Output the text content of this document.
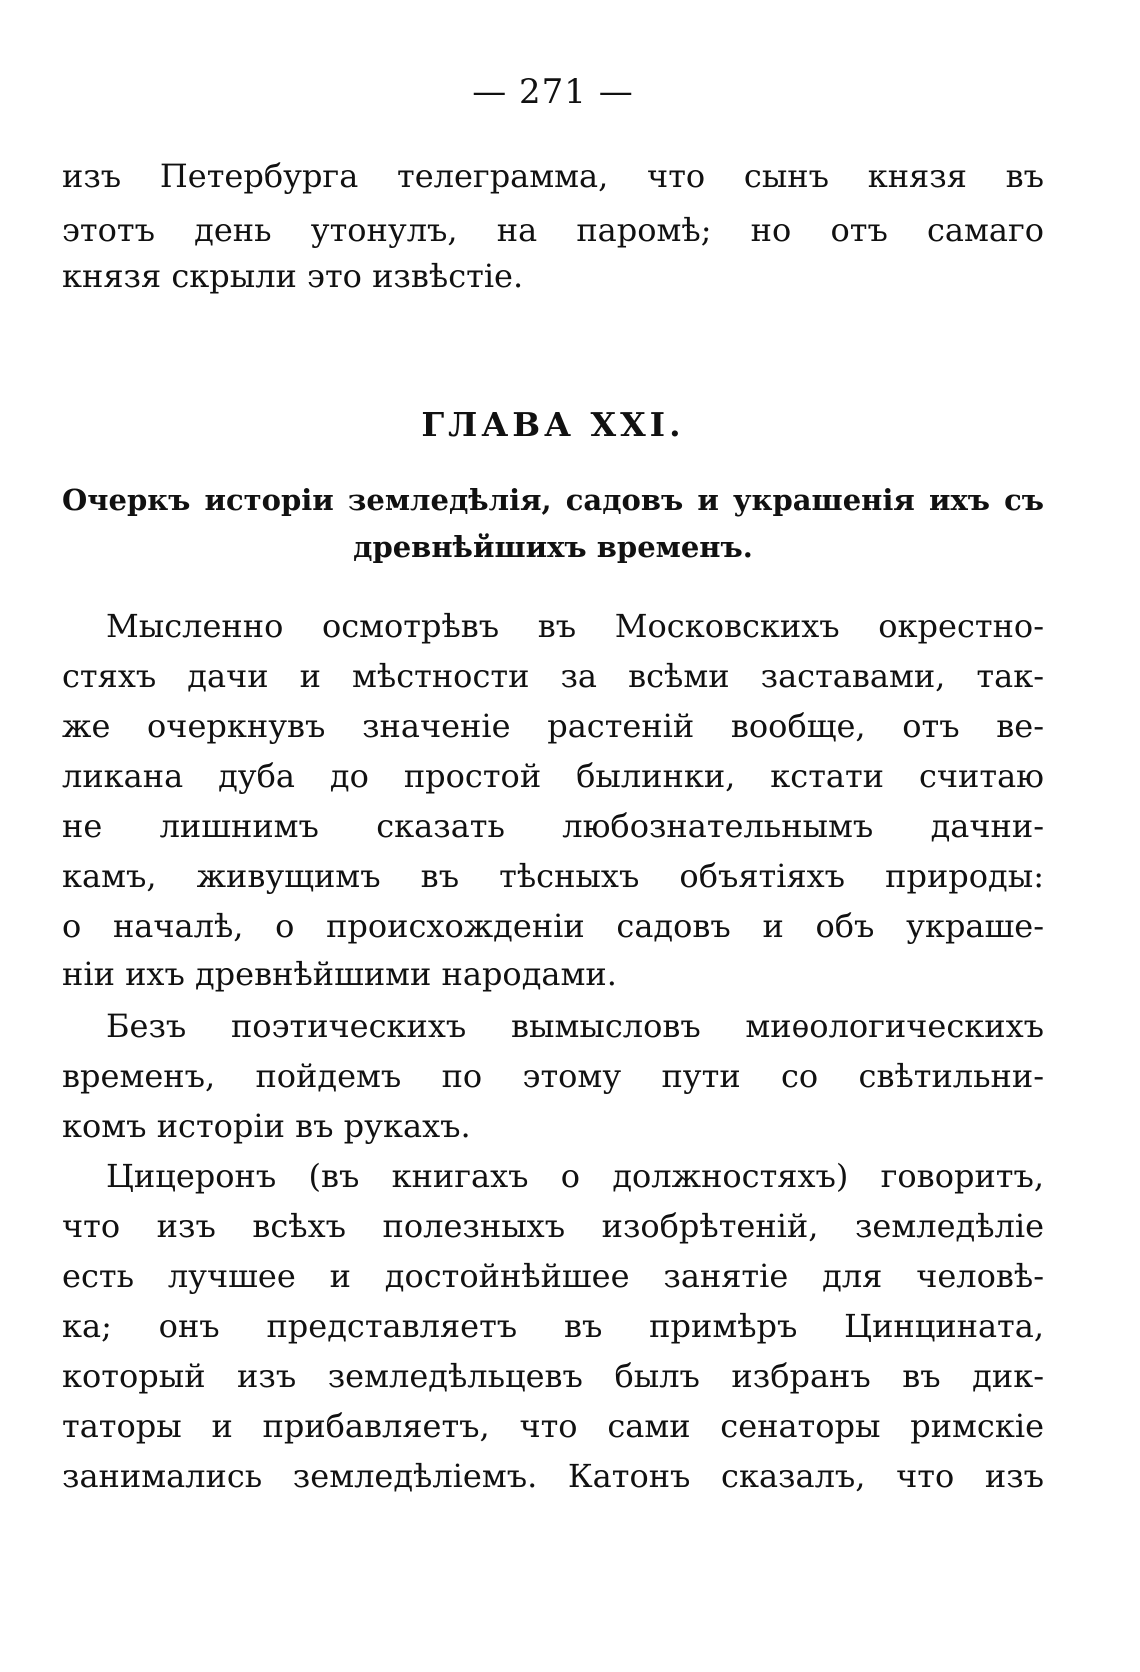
— 271 —
изъ Петербурга телеграмма, что сынъ князя въ
этотъ день утонулъ, на паромѣ; но отъ самаго
князя скрыли это извѣстіе.
ГЛАВА XXI.
Очеркъ исторіи земледѣлія, садовъ и украшенія ихъ съ
древнѣйшихъ временъ.
Мысленно осмотрѣвъ въ Московскихъ окрестно-
стяхъ дачи и мѣстности за всѣми заставами, так-
же очеркнувъ значеніе растеній вообще, отъ ве-
ликана дуба до простой былинки, кстати считаю
не лишнимъ сказать любознательнымъ дачни-
камъ, живущимъ въ тѣсныхъ объятіяхъ природы:
о началѣ, о происхожденіи садовъ и объ украше-
ніи ихъ древнѣйшими народами.
Безъ поэтическихъ вымысловъ миѳологическихъ
временъ, пойдемъ по этому пути со свѣтильни-
комъ исторіи въ рукахъ.
Цицеронъ (въ книгахъ о должностяхъ) говоритъ,
что изъ всѣхъ полезныхъ изобрѣтеній, земледѣліе
есть лучшее и достойнѣйшее занятіе для человѣ-
ка; онъ представляетъ въ примѣръ Цинцината,
который изъ земледѣльцевъ былъ избранъ въ дик-
таторы и прибавляетъ, что сами сенаторы римскіе
занимались земледѣліемъ. Катонъ сказалъ, что изъ
